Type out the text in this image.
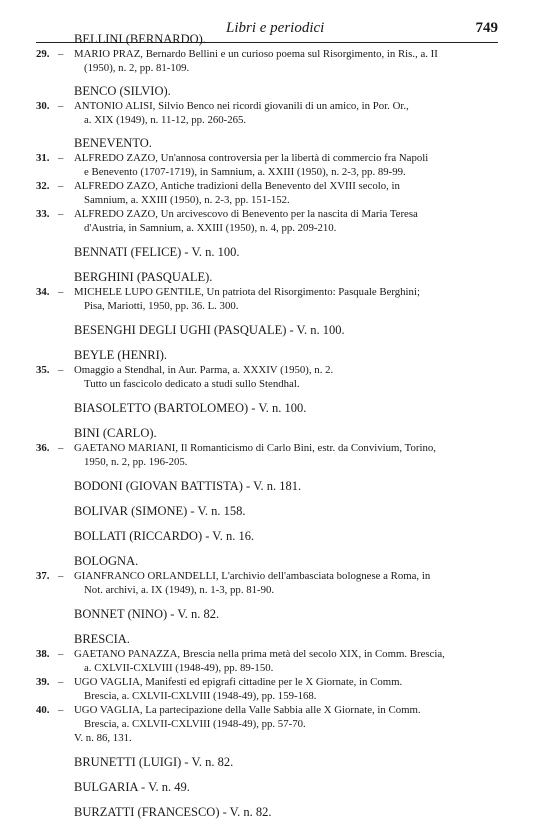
Libri e periodici	749
BELLINI (BERNARDO).
29. – MARIO PRAZ, Bernardo Bellini e un curioso poema sul Risorgimento, in Ris., a. II
(1950), n. 2, pp. 81-109.
BENCO (SILVIO).
30. – ANTONIO ALISI, Silvio Benco nei ricordi giovanili di un amico, in Por. Or.,
a. XIX (1949), n. 11-12, pp. 260-265.
BENEVENTO.
31. – ALFREDO ZAZO, Un'annosa controversia per la libertà di commercio fra Napoli
e Benevento (1707-1719), in Samnium, a. XXIII (1950), n. 2-3, pp. 89-99.
32. – ALFREDO ZAZO, Antiche tradizioni della Benevento del XVIII secolo, in
Samnium, a. XXIII (1950), n. 2-3, pp. 151-152.
33. – ALFREDO ZAZO, Un arcivescovo di Benevento per la nascita di Maria Teresa
d'Austria, in Samnium, a. XXIII (1950), n. 4, pp. 209-210.
BENNATI (FELICE) - V. n. 100.
BERGHINI (PASQUALE).
34. – MICHELE LUPO GENTILE, Un patriota del Risorgimento: Pasquale Berghini;
Pisa, Mariotti, 1950, pp. 36. L. 300.
BESENGHI DEGLI UGHI (PASQUALE) - V. n. 100.
BEYLE (HENRI).
35. – Omaggio a Stendhal, in Aur. Parma, a. XXXIV (1950), n. 2.
Tutto un fascicolo dedicato a studi sullo Stendhal.
BIASOLETTO (BARTOLOMEO) - V. n. 100.
BINI (CARLO).
36. – GAETANO MARIANI, Il Romanticismo di Carlo Bini, estr. da Convivium, Torino,
1950, n. 2, pp. 196-205.
BODONI (GIOVAN BATTISTA) - V. n. 181.
BOLIVAR (SIMONE) - V. n. 158.
BOLLATI (RICCARDO) - V. n. 16.
BOLOGNA.
37. – GIANFRANCO ORLANDELLI, L'archivio dell'ambasciata bolognese a Roma, in
Not. archivi, a. IX (1949), n. 1-3, pp. 81-90.
BONNET (NINO) - V. n. 82.
BRESCIA.
38. – GAETANO PANAZZA, Brescia nella prima metà del secolo XIX, in Comm. Brescia,
a. CXLVII-CXLVIII (1948-49), pp. 89-150.
39. – UGO VAGLIA, Manifesti ed epigrafi cittadine per le X Giornate, in Comm.
Brescia, a. CXLVII-CXLVIII (1948-49), pp. 159-168.
40. – UGO VAGLIA, La partecipazione della Valle Sabbia alle X Giornate, in Comm.
Brescia, a. CXLVII-CXLVIII (1948-49), pp. 57-70.
V. n. 86, 131.
BRUNETTI (LUIGI) - V. n. 82.
BULGARIA - V. n. 49.
BURZATTI (FRANCESCO) - V. n. 82.
